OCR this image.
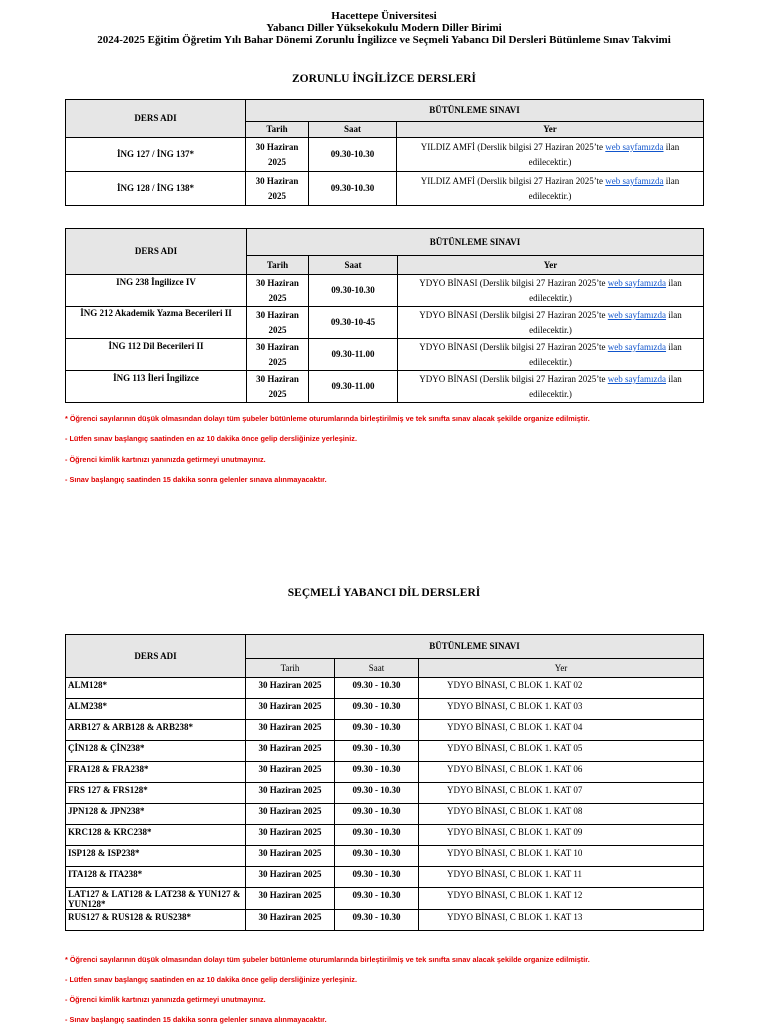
Hacettepe Üniversitesi
Yabancı Diller Yüksekokulu Modern Diller Birimi
2024-2025 Eğitim Öğretim Yılı Bahar Dönemi Zorunlu İngilizce ve Seçmeli Yabancı Dil Dersleri Bütünleme Sınav Takvimi
ZORUNLU İNGİLİZCE DERSLERİ
DERS ADI	BÜTÜNLEME SINAVI		
	Tarih	Saat	Yer
İNG 127 / İNG 137*	30 Haziran 2025	09.30-10.30	YILDIZ AMFİ (Derslik bilgisi 27 Haziran 2025’te web sayfamızda ilan edilecektir.)
İNG 128 / İNG 138*	30 Haziran 2025	09.30-10.30	YILDIZ AMFİ (Derslik bilgisi 27 Haziran 2025’te web sayfamızda ilan edilecektir.)
DERS ADI	BÜTÜNLEME SINAVI		
	Tarih	Saat	Yer
ING 238 İngilizce IV	30 Haziran 2025	09.30-10.30	YDYO BİNASI (Derslik bilgisi 27 Haziran 2025’te web sayfamızda ilan edilecektir.)
İNG 212 Akademik Yazma Becerileri II	30 Haziran 2025	09.30-10-45	YDYO BİNASI (Derslik bilgisi 27 Haziran 2025’te web sayfamızda ilan edilecektir.)
İNG 112 Dil Becerileri II	30 Haziran 2025	09.30-11.00	YDYO BİNASI (Derslik bilgisi 27 Haziran 2025’te web sayfamızda ilan edilecektir.)
İNG 113 İleri İngilizce	30 Haziran 2025	09.30-11.00	YDYO BİNASI (Derslik bilgisi 27 Haziran 2025’te web sayfamızda ilan edilecektir.)
* Öğrenci sayılarının düşük olmasından dolayı tüm şubeler bütünleme oturumlarında birleştirilmiş ve tek sınıfta sınav alacak şekilde organize edilmiştir.
- Lütfen sınav başlangıç saatinden en az 10 dakika önce gelip dersliğinize yerleşiniz.
- Öğrenci kimlik kartınızı yanınızda getirmeyi unutmayınız.
- Sınav başlangıç saatinden 15 dakika sonra gelenler sınava alınmayacaktır.
SEÇMELİ YABANCI DİL DERSLERİ
DERS ADI	BÜTÜNLEME SINAVI		
	Tarih	Saat	Yer
ALM128*	30 Haziran 2025	09.30 - 10.30	YDYO BİNASI, C BLOK 1. KAT 02
ALM238*	30 Haziran 2025	09.30 - 10.30	YDYO BİNASI, C BLOK 1. KAT 03
ARB127 & ARB128 & ARB238*	30 Haziran 2025	09.30 - 10.30	YDYO BİNASI, C BLOK 1. KAT 04
ÇİN128 & ÇİN238*	30 Haziran 2025	09.30 - 10.30	YDYO BİNASI, C BLOK 1. KAT 05
FRA128 & FRA238*	30 Haziran 2025	09.30 - 10.30	YDYO BİNASI, C BLOK 1. KAT 06
FRS 127 & FRS128*	30 Haziran 2025	09.30 - 10.30	YDYO BİNASI, C BLOK 1. KAT 07
JPN128 & JPN238*	30 Haziran 2025	09.30 - 10.30	YDYO BİNASI, C BLOK 1. KAT 08
KRC128 & KRC238*	30 Haziran 2025	09.30 - 10.30	YDYO BİNASI, C BLOK 1. KAT 09
ISP128 & ISP238*	30 Haziran 2025	09.30 - 10.30	YDYO BİNASI, C BLOK 1. KAT 10
ITA128 & ITA238*	30 Haziran 2025	09.30 - 10.30	YDYO BİNASI, C BLOK 1. KAT 11
LAT127 & LAT128 & LAT238 & YUN127 & YUN128*	30 Haziran 2025	09.30 - 10.30	YDYO BİNASI, C BLOK 1. KAT 12
RUS127 & RUS128 & RUS238*	30 Haziran 2025	09.30 - 10.30	YDYO BİNASI, C BLOK 1. KAT 13
* Öğrenci sayılarının düşük olmasından dolayı tüm şubeler bütünleme oturumlarında birleştirilmiş ve tek sınıfta sınav alacak şekilde organize edilmiştir.
- Lütfen sınav başlangıç saatinden en az 10 dakika önce gelip dersliğinize yerleşiniz.
- Öğrenci kimlik kartınızı yanınızda getirmeyi unutmayınız.
- Sınav başlangıç saatinden 15 dakika sonra gelenler sınava alınmayacaktır.
